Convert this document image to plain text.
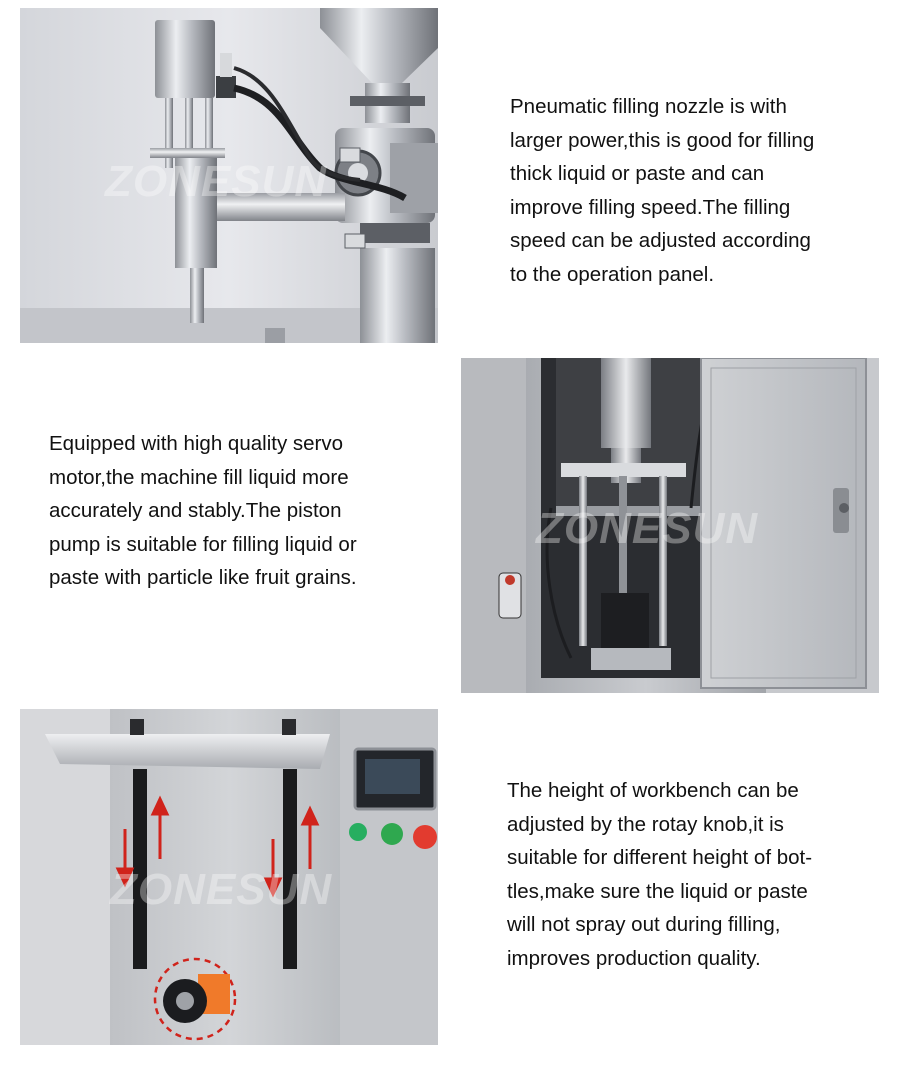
ZONESUN

Pneumatic filling nozzle is with
larger power,this is good for filling
thick liquid or paste and can
improve filling speed.The filling
speed can be adjusted according
to the operation panel.

ZONESUN

Equipped with high quality servo
motor,the machine fill liquid more
accurately and stably.The piston
pump is suitable for filling liquid or
paste with particle like fruit grains.

ZONESUN

The height of workbench can be
adjusted by the rotay knob,it is
suitable for different height of bot-
tles,make sure the liquid or paste
will not spray out during filling,
improves production quality.
